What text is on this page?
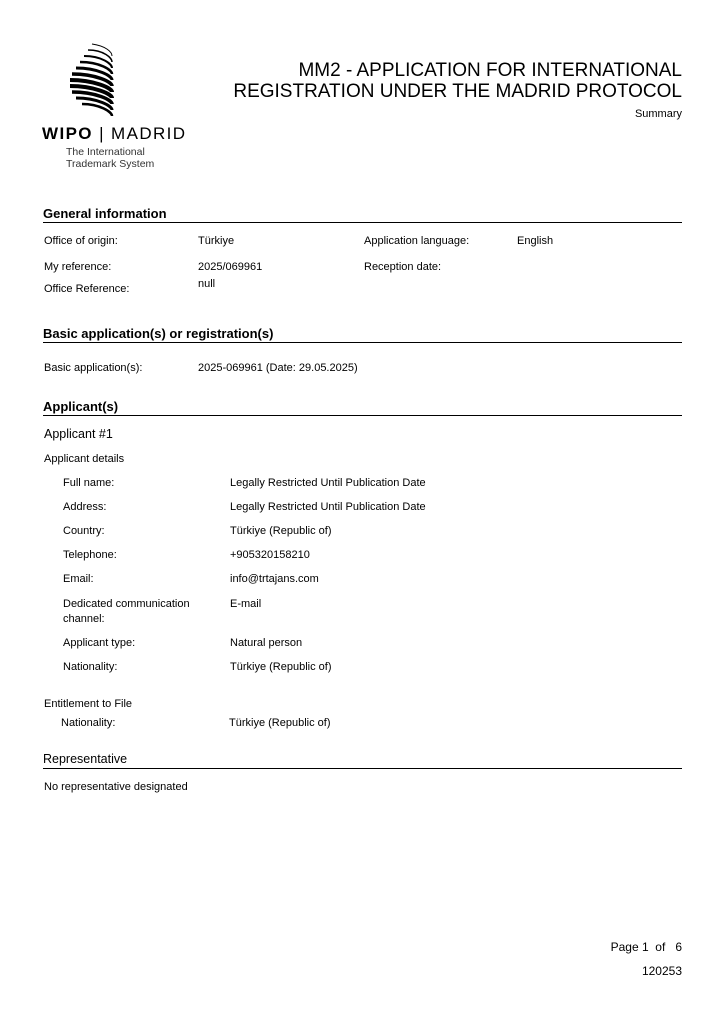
WIPO | MADRID
The International
Trademark System
MM2 - APPLICATION FOR INTERNATIONAL
REGISTRATION UNDER THE MADRID PROTOCOL
Summary
General information
Office of origin:	Türkiye	Application language:	English
My reference:	2025/069961	Reception date:
Office Reference:	null
Basic application(s) or registration(s)
Basic application(s):	2025-069961 (Date: 29.05.2025)
Applicant(s)
Applicant #1
Applicant details
Full name:	Legally Restricted Until Publication Date
Address:	Legally Restricted Until Publication Date
Country:	Türkiye (Republic of)
Telephone:	+905320158210
Email:	info@trtajans.com
Dedicated communication channel:
E-mail
Applicant type:	Natural person
Nationality:	Türkiye (Republic of)
Entitlement to File
Nationality:	Türkiye (Republic of)
Representative
No representative designated
Page 1  of   6
120253
